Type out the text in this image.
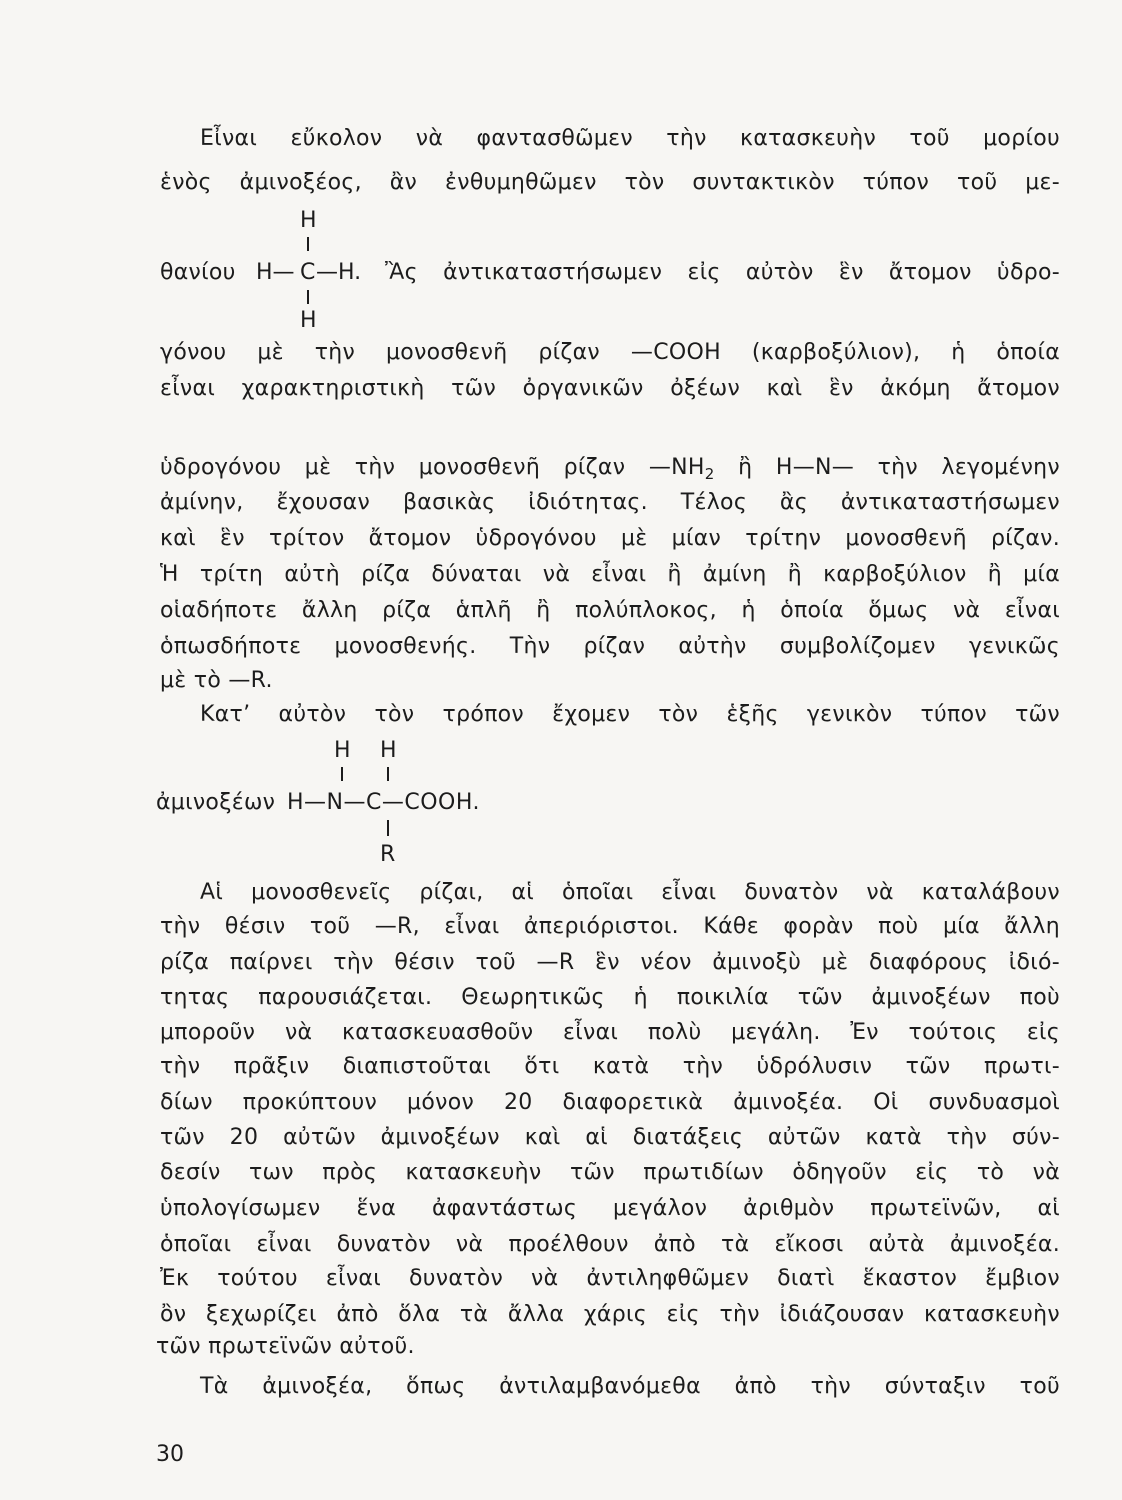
Εἶναι εὔκολον νὰ φαντασθῶμεν τὴν κατασκευὴν τοῦ μορίου
ἑνὸς ἀμινοξέος, ἂν ἐνθυμηθῶμεν τὸν συντακτικὸν τύπον τοῦ με-
H
θανίου H— C —H. Ἂς ἀντικαταστήσωμεν εἰς αὐτὸν ἓν ἄτομον ὑδρο-
H
γόνου μὲ τὴν μονοσθενῆ ρίζαν —COOH (καρβοξύλιον), ἡ ὁποία
εἶναι χαρακτηριστικὴ τῶν ὀργανικῶν ὀξέων καὶ ἓν ἀκόμη ἄτομον
ὑδρογόνου μὲ τὴν μονοσθενῆ ρίζαν $—NH_2$ ἢ H—N— τὴν λεγομένην
ἀμίνην, ἔχουσαν βασικὰς ἰδιότητας. Τέλος ἂς ἀντικαταστήσωμεν
καὶ ἓν τρίτον ἄτομον ὑδρογόνου μὲ μίαν τρίτην μονοσθενῆ ρίζαν.
Ἡ τρίτη αὐτὴ ρίζα δύναται νὰ εἶναι ἢ ἀμίνη ἢ καρβοξύλιον ἢ μία
οἱαδήποτε ἄλλη ρίζα ἁπλῆ ἢ πολύπλοκος, ἡ ὁποία ὅμως νὰ εἶναι
ὁπωσδήποτε μονοσθενής. Τὴν ρίζαν αὐτὴν συμβολίζομεν γενικῶς
μὲ τὸ —R.
Κατ’ αὐτὸν τὸν τρόπον ἔχομεν τὸν ἑξῆς γενικὸν τύπον τῶν
H H
ἀμινοξέων H—N—C—COOH.
R
Αἱ μονοσθενεῖς ρίζαι, αἱ ὁποῖαι εἶναι δυνατὸν νὰ καταλάβουν
τὴν θέσιν τοῦ —R, εἶναι ἀπεριόριστοι. Κάθε φορὰν ποὺ μία ἄλλη
ρίζα παίρνει τὴν θέσιν τοῦ —R ἓν νέον ἀμινοξὺ μὲ διαφόρους ἰδιό-
τητας παρουσιάζεται. Θεωρητικῶς ἡ ποικιλία τῶν ἀμινοξέων ποὺ
μποροῦν νὰ κατασκευασθοῦν εἶναι πολὺ μεγάλη. Ἐν τούτοις εἰς
τὴν πρᾶξιν διαπιστοῦται ὅτι κατὰ τὴν ὑδρόλυσιν τῶν πρωτι-
δίων προκύπτουν μόνον 20 διαφορετικὰ ἀμινοξέα. Οἱ συνδυασμοὶ
τῶν 20 αὐτῶν ἀμινοξέων καὶ αἱ διατάξεις αὐτῶν κατὰ τὴν σύν-
δεσίν των πρὸς κατασκευὴν τῶν πρωτιδίων ὁδηγοῦν εἰς τὸ νὰ
ὑπολογίσωμεν ἕνα ἀφαντάστως μεγάλον ἀριθμὸν πρωτεϊνῶν, αἱ
ὁποῖαι εἶναι δυνατὸν νὰ προέλθουν ἀπὸ τὰ εἴκοσι αὐτὰ ἀμινοξέα.
Ἐκ τούτου εἶναι δυνατὸν νὰ ἀντιληφθῶμεν διατὶ ἕκαστον ἔμβιον
ὂν ξεχωρίζει ἀπὸ ὅλα τὰ ἄλλα χάρις εἰς τὴν ἰδιάζουσαν κατασκευὴν
τῶν πρωτεϊνῶν αὐτοῦ.
Τὰ ἀμινοξέα, ὅπως ἀντιλαμβανόμεθα ἀπὸ τὴν σύνταξιν τοῦ
30
